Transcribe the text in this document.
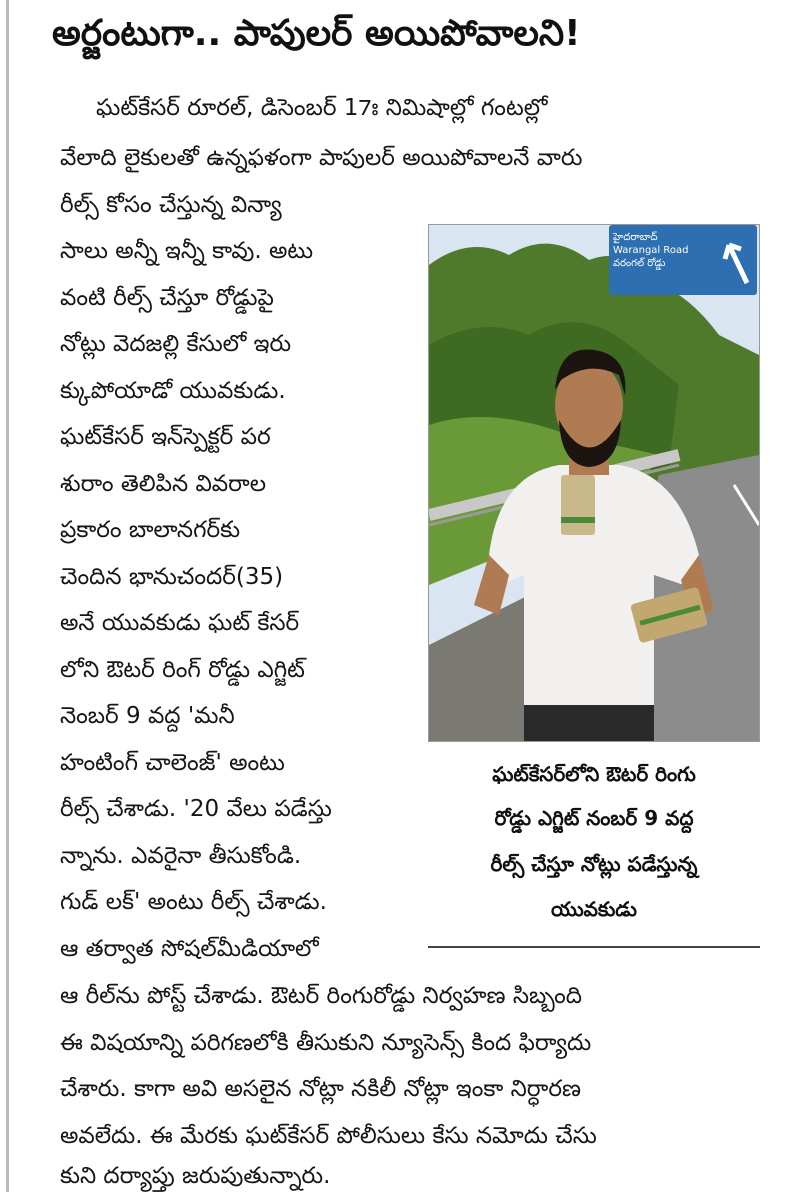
అర్జంటుగా.. పాపులర్ అయిపోవాలని!
ఘట్‌కేసర్ రూరల్, డిసెంబర్ 17ః నిమిషాల్లో గంటల్లో
వేలాది లైకులతో ఉన్నఫళంగా పాపులర్ అయిపోవాలనే వారు
రీల్స్ కోసం చేస్తున్న విన్యా
సాలు అన్నీ ఇన్నీ కావు. అటు
వంటి రీల్స్ చేస్తూ రోడ్డుపై
నోట్లు వెదజల్లి కేసులో ఇరు
క్కుపోయాడో యువకుడు.
ఘట్‌కేసర్ ఇన్‌స్పెక్టర్ పర
శురాం తెలిపిన వివరాల
ప్రకారం బాలానగర్‌కు
చెందిన భానుచందర్(35)
అనే యువకుడు ఘట్ కేసర్
లోని ఔటర్ రింగ్ రోడ్డు ఎగ్జిట్
నెంబర్ 9 వద్ద 'మనీ
హంటింగ్ చాలెంజ్' అంటు
రీల్స్ చేశాడు. '20 వేలు పడేస్తు
న్నాను. ఎవరైనా తీసుకోండి.
గుడ్ లక్' అంటు రీల్స్ చేశాడు.
ఆ తర్వాత సోషల్‌మీడియాలో
హైదరాబాద్
Warangal Road
వరంగల్ రోడ్డు
ఘట్‌కేసర్‌లోని ఔటర్ రింగు
రోడ్డు ఎగ్జిట్ నంబర్ 9 వద్ద
రీల్స్ చేస్తూ నోట్లు పడేస్తున్న
యువకుడు
ఆ రీల్‌ను పోస్ట్ చేశాడు. ఔటర్ రింగురోడ్డు నిర్వహణ సిబ్బంది
ఈ విషయాన్ని పరిగణలోకి తీసుకుని న్యూసెన్స్ కింద ఫిర్యాదు
చేశారు. కాగా అవి అసలైన నోట్లా నకిలీ నోట్లా ఇంకా నిర్ధారణ
అవలేదు. ఈ మేరకు ఘట్‌కేసర్ పోలీసులు కేసు నమోదు చేసు
కుని దర్యాప్తు జరుపుతున్నారు.
